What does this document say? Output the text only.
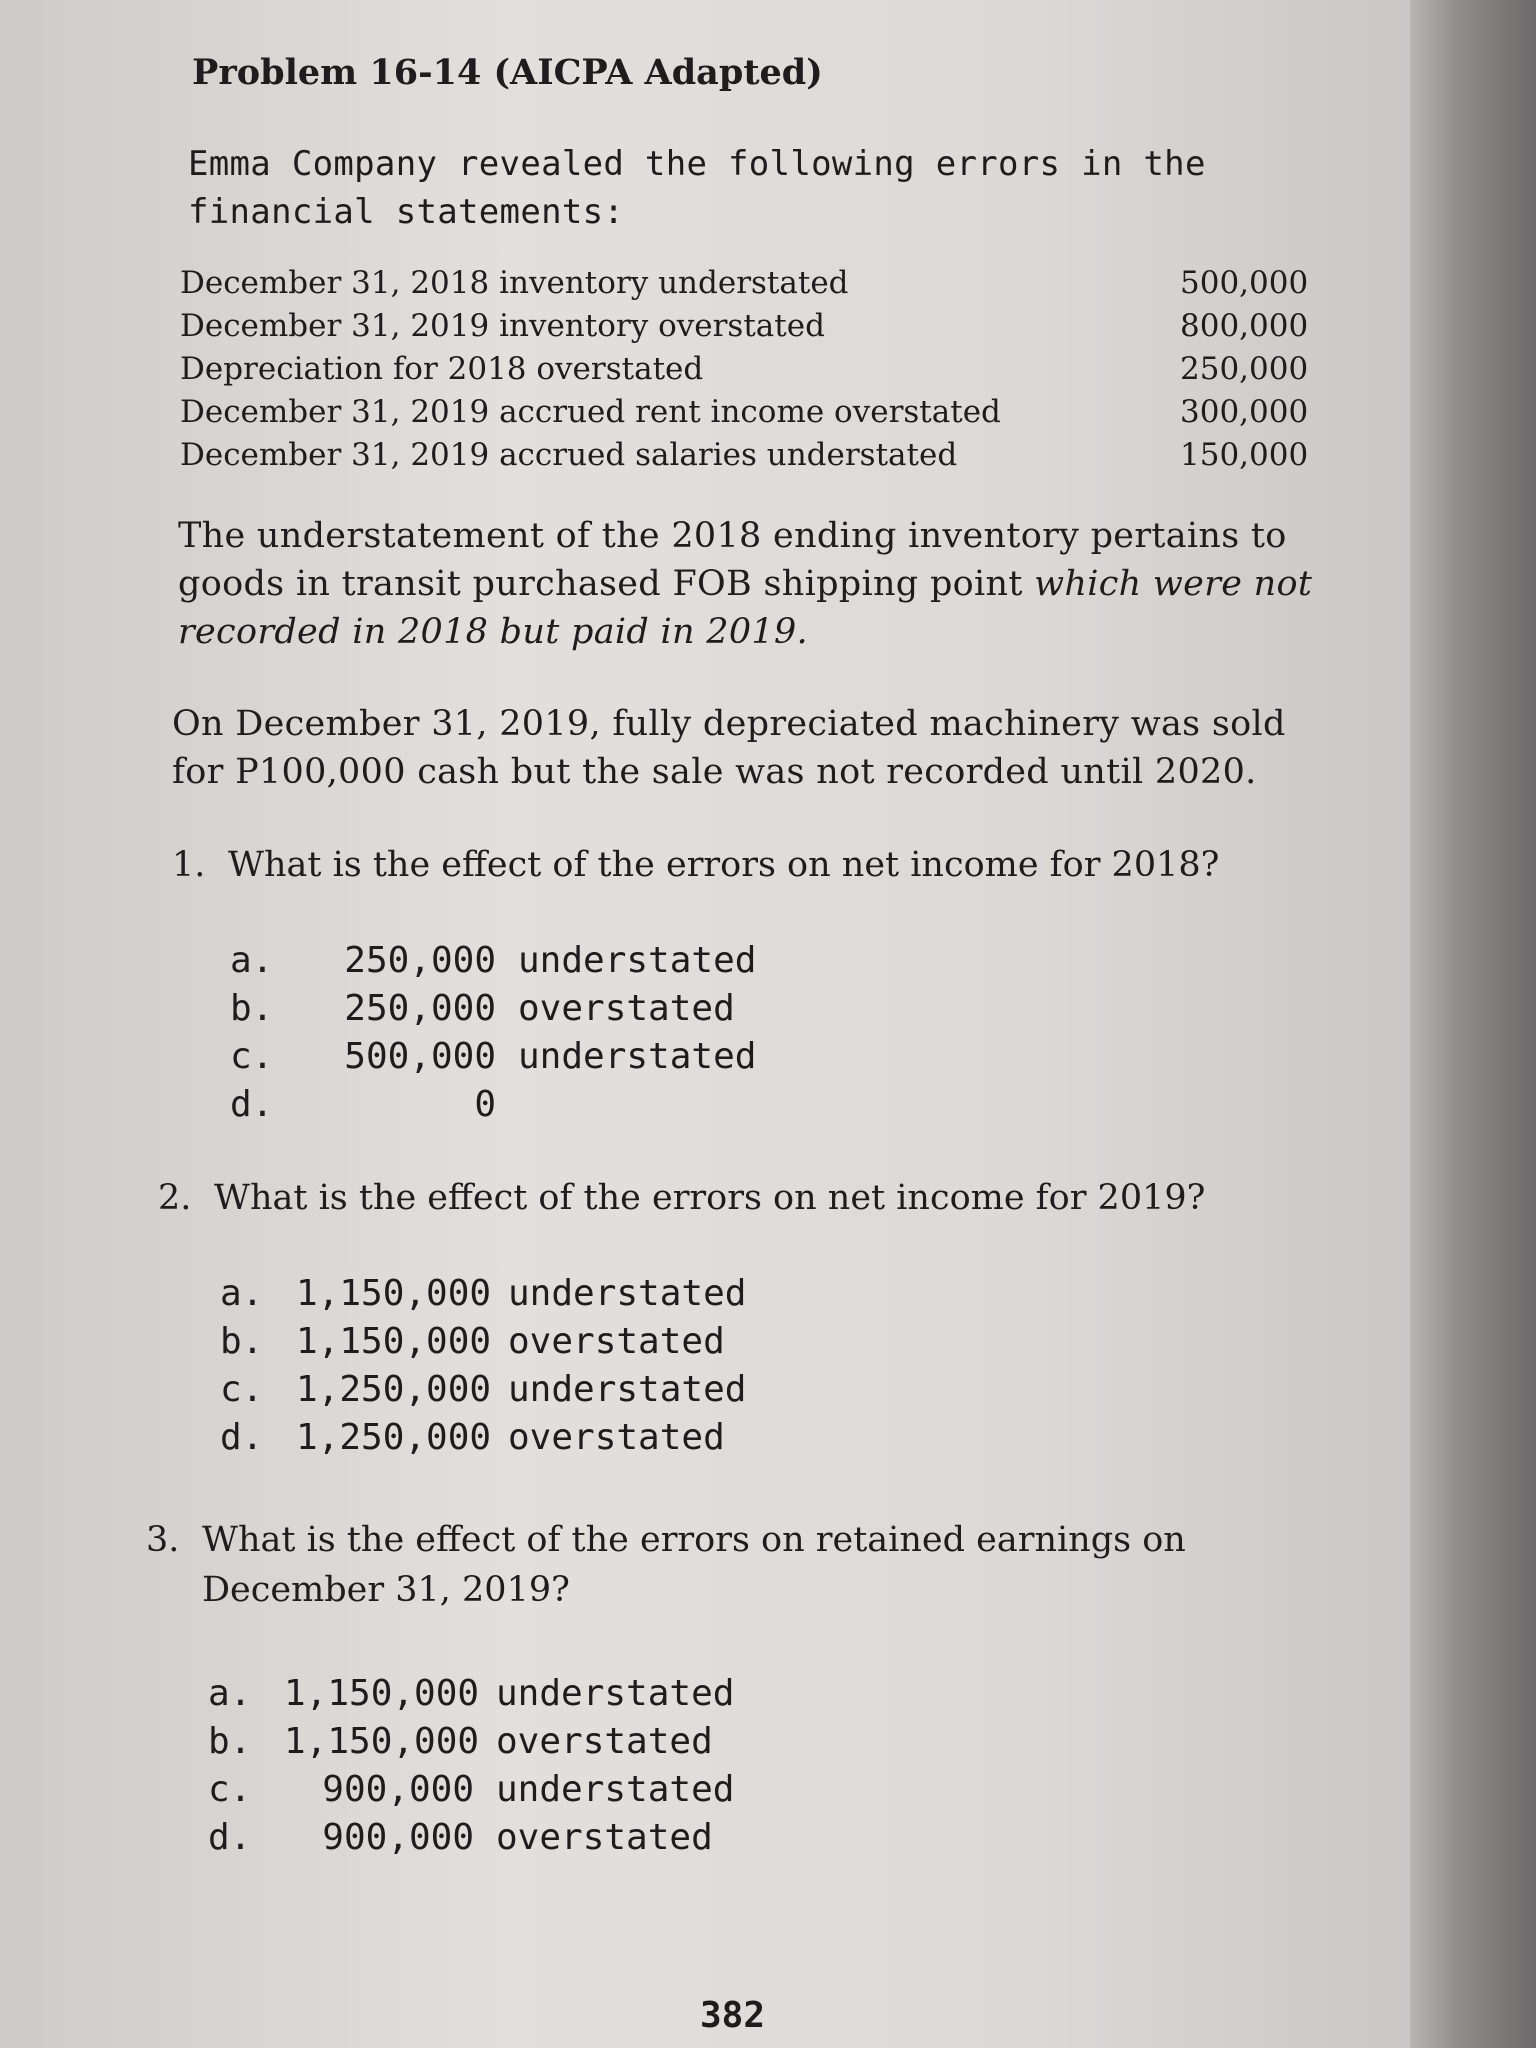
Problem 16-14 (AICPA Adapted)
Emma Company revealed the following errors in the financial statements:
December 31, 2018 inventory understated	500,000
December 31, 2019 inventory overstated	800,000
Depreciation for 2018 overstated	250,000
December 31, 2019 accrued rent income overstated	300,000
December 31, 2019 accrued salaries understated	150,000
The understatement of the 2018 ending inventory pertains to goods in transit purchased FOB shipping point which were not recorded in 2018 but paid in 2019.
On December 31, 2019, fully depreciated machinery was sold for P100,000 cash but the sale was not recorded until 2020.
1. What is the effect of the errors on net income for 2018?
a.	250,000 understated
b.	250,000 overstated
c.	500,000 understated
d.	0
2. What is the effect of the errors on net income for 2019?
a. 1,150,000 understated
b. 1,150,000 overstated
c. 1,250,000 understated
d. 1,250,000 overstated
3. What is the effect of the errors on retained earnings on December 31, 2019?
a. 1,150,000 understated
b. 1,150,000 overstated
c.	900,000 understated
d.	900,000 overstated
382
